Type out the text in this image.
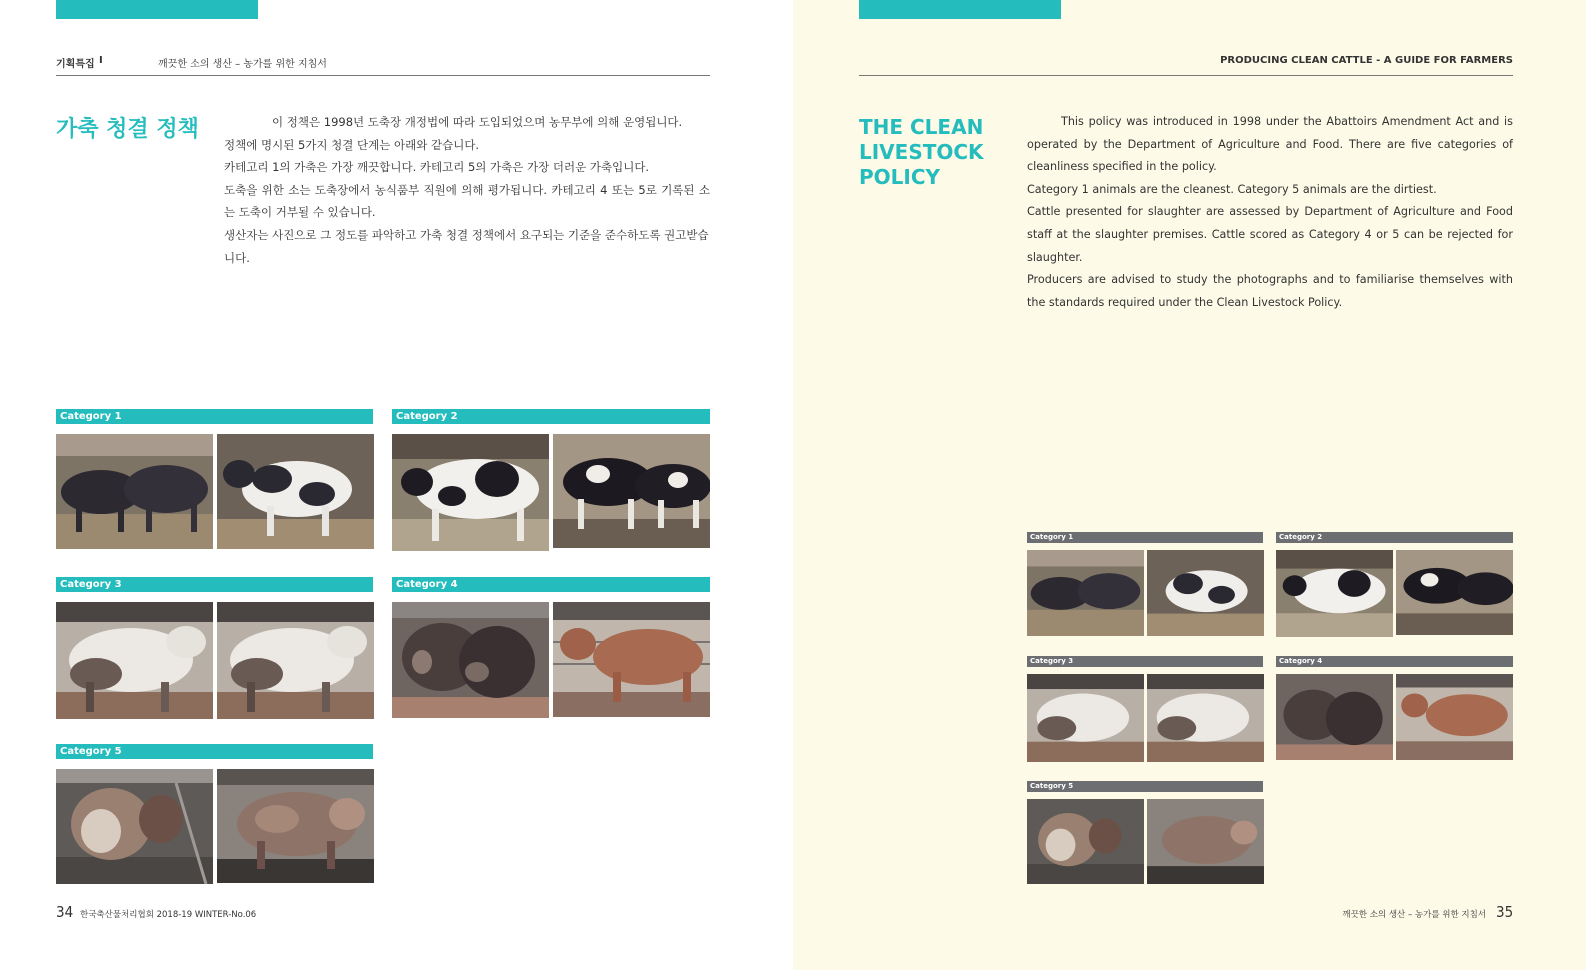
기획특집 I	깨끗한 소의 생산 – 농가를 위한 지침서
가축 청결 정책	이 정책은 1998년 도축장 개정법에 따라 도입되었으며 농무부에 의해 운영됩니다.

정책에 명시된 5가지 청결 단계는 아래와 같습니다.

카테고리 1의 가축은 가장 깨끗합니다. 카테고리 5의 가축은 가장 더러운 가축입니다.

도축을 위한 소는 도축장에서 농식품부 직원에 의해 평가됩니다. 카테고리 4 또는 5로 기록된 소는 도축이 거부될 수 있습니다.

생산자는 사진으로 그 정도를 파악하고 가축 청결 정책에서 요구되는 기준을 준수하도록 권고받습니다.

Category 1	Category 2
Category 3	Category 4
Category 5
34 한국축산물처리협회 2018-19 WINTER-No.06
PRODUCING CLEAN CATTLE - A GUIDE FOR FARMERS
THE CLEAN
LIVESTOCK
POLICY

This policy was introduced in 1998 under the Abattoirs Amendment Act and is operated by the Department of Agriculture and Food. There are five categories of cleanliness specified in the policy.

Category 1 animals are the cleanest. Category 5 animals are the dirtiest.

Cattle presented for slaughter are assessed by Department of Agriculture and Food staff at the slaughter premises. Cattle scored as Category 4 or 5 can be rejected for slaughter.

Producers are advised to study the photographs and to familiarise themselves with the standards required under the Clean Livestock Policy.

Category 1	Category 2
Category 3	Category 4
Category 5
깨끗한 소의 생산 – 농가를 위한 지침서 35
